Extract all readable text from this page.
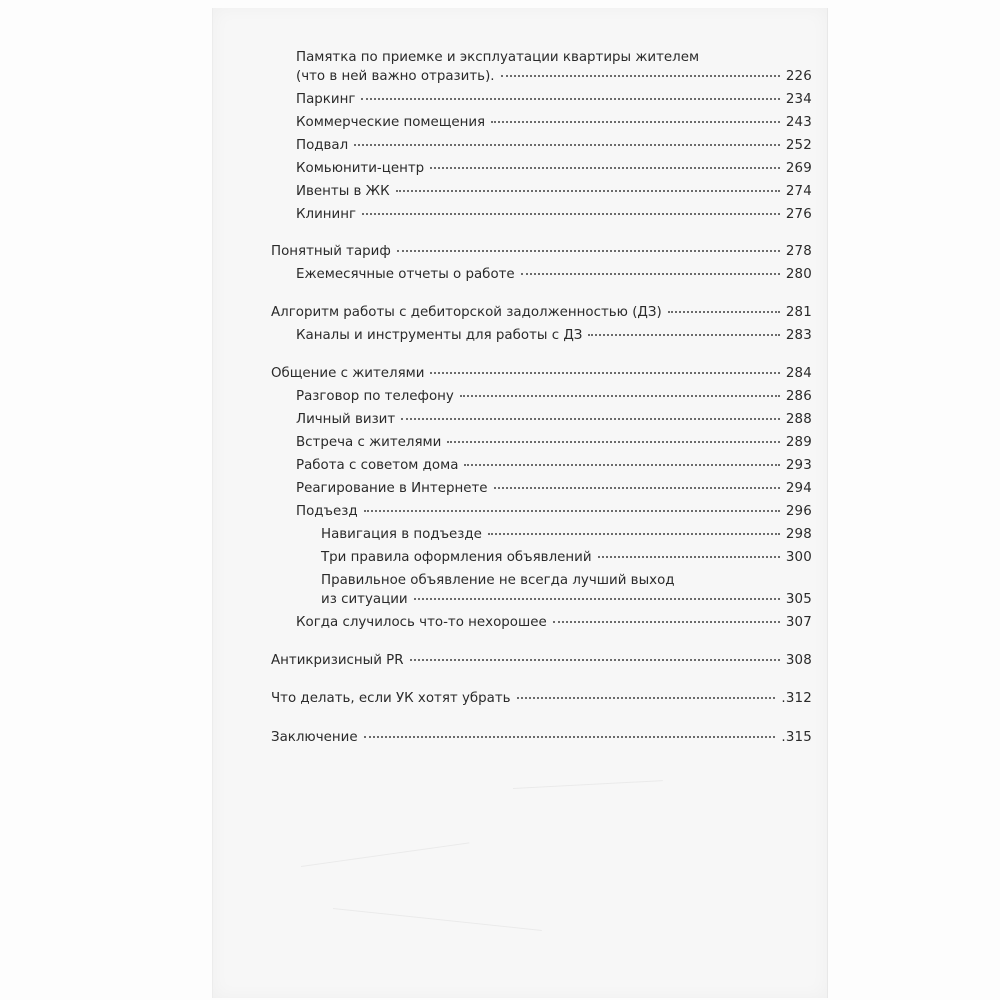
Памятка по приемке и эксплуатации квартиры жителем
(что в ней важно отразить).	226
Паркинг	234
Коммерческие помещения	243
Подвал	252
Комьюнити-центр	269
Ивенты в ЖК	274
Клининг	276
Понятный тариф	278
Ежемесячные отчеты о работе	280
Алгоритм работы с дебиторской задолженностью (ДЗ)	281
Каналы и инструменты для работы с ДЗ	283
Общение с жителями	284
Разговор по телефону	286
Личный визит	288
Встреча с жителями	289
Работа с советом дома	293
Реагирование в Интернете	294
Подъезд	296
Навигация в подъезде	298
Три правила оформления объявлений	300
Правильное объявление не всегда лучший выход
из ситуации	305
Когда случилось что-то нехорошее	307
Антикризисный PR	308
Что делать, если УК хотят убрать	.312
Заключение	.315
